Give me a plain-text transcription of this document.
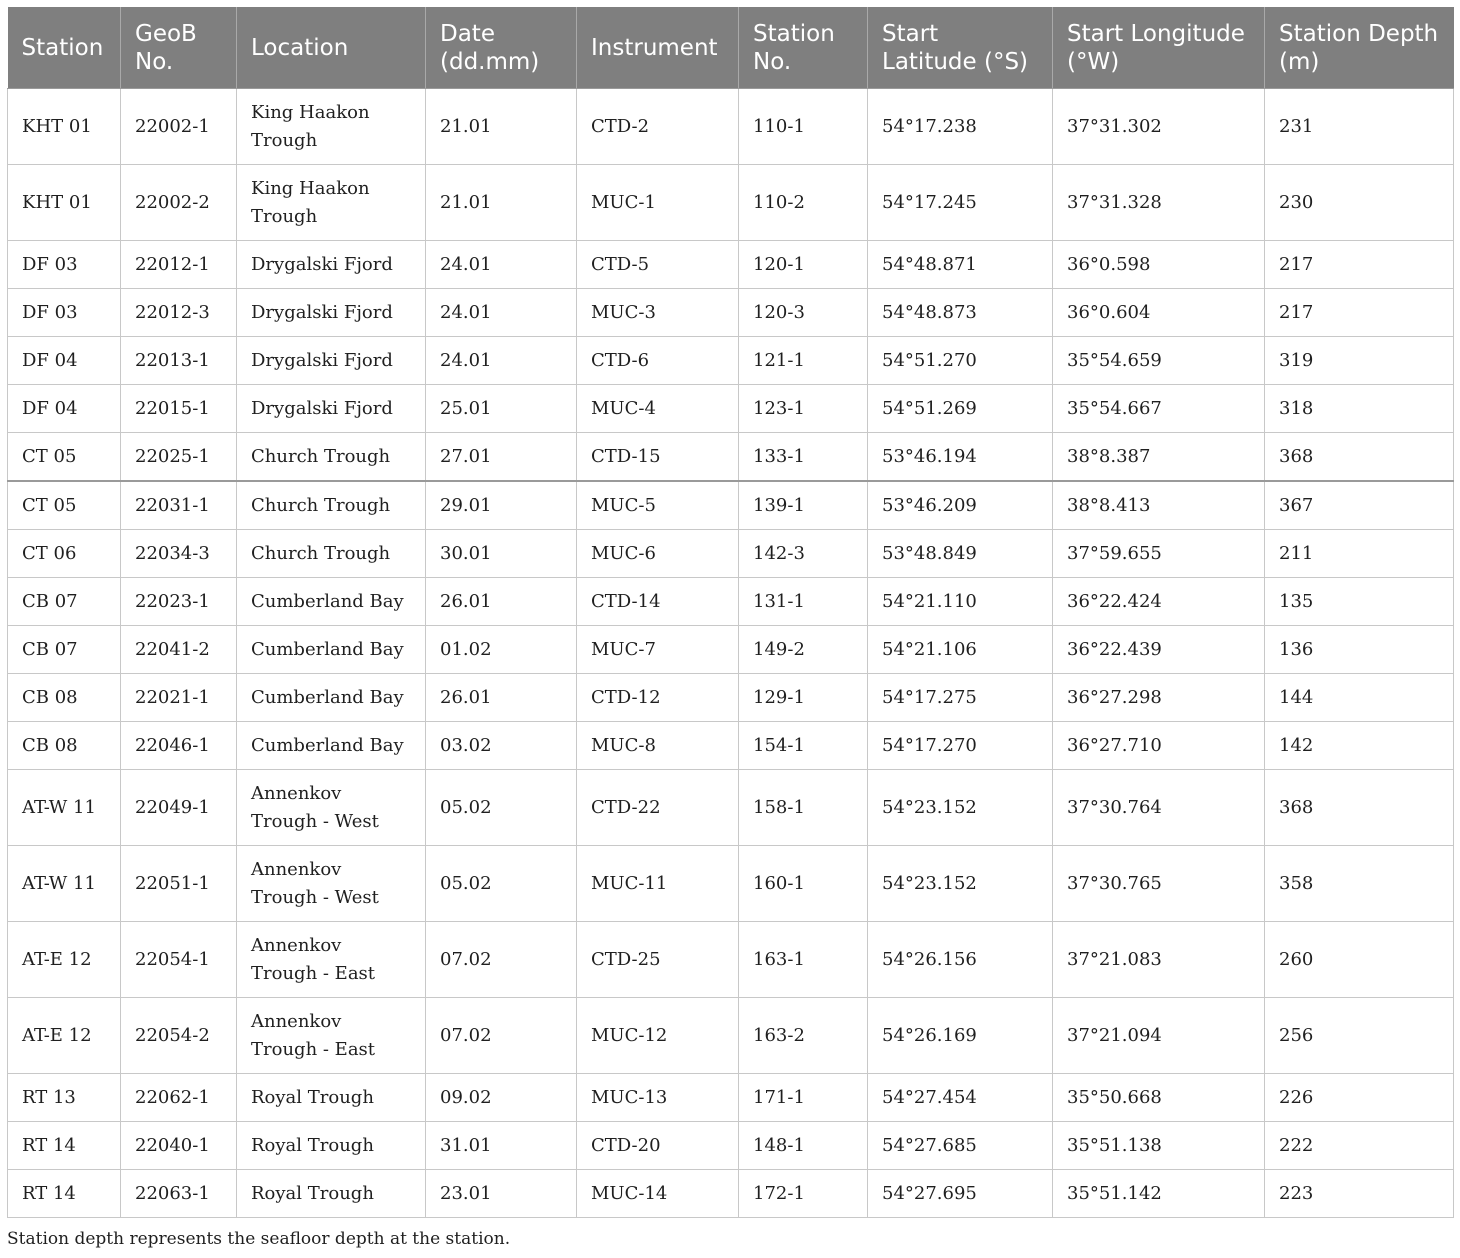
Station	GeoB No.	Location	Date (dd.mm)	Instrument	Station No.	Start Latitude (°S)	Start Longitude (°W)	Station Depth (m)
KHT 01	22002-1	King Haakon Trough	21.01	CTD-2	110-1	54°17.238	37°31.302	231
KHT 01	22002-2	King Haakon Trough	21.01	MUC-1	110-2	54°17.245	37°31.328	230
DF 03	22012-1	Drygalski Fjord	24.01	CTD-5	120-1	54°48.871	36°0.598	217
DF 03	22012-3	Drygalski Fjord	24.01	MUC-3	120-3	54°48.873	36°0.604	217
DF 04	22013-1	Drygalski Fjord	24.01	CTD-6	121-1	54°51.270	35°54.659	319
DF 04	22015-1	Drygalski Fjord	25.01	MUC-4	123-1	54°51.269	35°54.667	318
CT 05	22025-1	Church Trough	27.01	CTD-15	133-1	53°46.194	38°8.387	368
CT 05	22031-1	Church Trough	29.01	MUC-5	139-1	53°46.209	38°8.413	367
CT 06	22034-3	Church Trough	30.01	MUC-6	142-3	53°48.849	37°59.655	211
CB 07	22023-1	Cumberland Bay	26.01	CTD-14	131-1	54°21.110	36°22.424	135
CB 07	22041-2	Cumberland Bay	01.02	MUC-7	149-2	54°21.106	36°22.439	136
CB 08	22021-1	Cumberland Bay	26.01	CTD-12	129-1	54°17.275	36°27.298	144
CB 08	22046-1	Cumberland Bay	03.02	MUC-8	154-1	54°17.270	36°27.710	142
AT-W 11	22049-1	Annenkov Trough - West	05.02	CTD-22	158-1	54°23.152	37°30.764	368
AT-W 11	22051-1	Annenkov Trough - West	05.02	MUC-11	160-1	54°23.152	37°30.765	358
AT-E 12	22054-1	Annenkov Trough - East	07.02	CTD-25	163-1	54°26.156	37°21.083	260
AT-E 12	22054-2	Annenkov Trough - East	07.02	MUC-12	163-2	54°26.169	37°21.094	256
RT 13	22062-1	Royal Trough	09.02	MUC-13	171-1	54°27.454	35°50.668	226
RT 14	22040-1	Royal Trough	31.01	CTD-20	148-1	54°27.685	35°51.138	222
RT 14	22063-1	Royal Trough	23.01	MUC-14	172-1	54°27.695	35°51.142	223
Station depth represents the seafloor depth at the station.
